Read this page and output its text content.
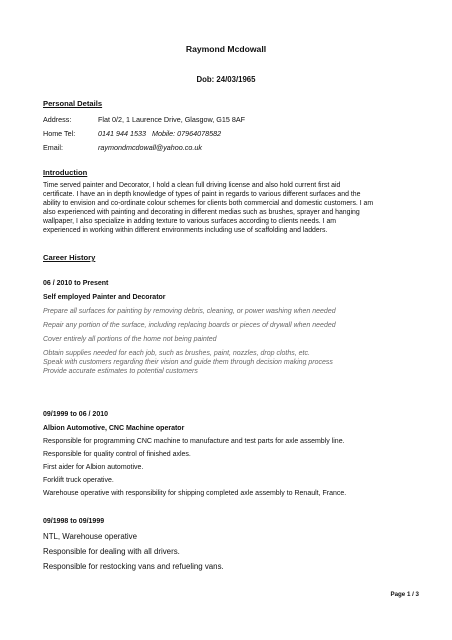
Raymond Mcdowall
Dob: 24/03/1965
Personal Details
Address:	Flat 0/2, 1 Laurence Drive, Glasgow, G15 8AF
Home Tel:	0141 944 1533 Mobile: 07964078582
Email:	raymondmcdowall@yahoo.co.uk
Introduction
Time served painter and Decorator, I hold a clean full driving license and also hold current first aid
certificate. I have an in depth knowledge of types of paint in regards to various different surfaces and the
ability to envision and co-ordinate colour schemes for clients both commercial and domestic customers. I am
also experienced with painting and decorating in different medias such as brushes, sprayer and hanging
wallpaper, I also specialize in adding texture to various surfaces according to clients needs. I am
experienced in working within different environments including use of scaffolding and ladders.
Career History
06 / 2010 to Present
Self employed Painter and Decorator
Prepare all surfaces for painting by removing debris, cleaning, or power washing when needed
Repair any portion of the surface, including replacing boards or pieces of drywall when needed
Cover entirely all portions of the home not being painted
Obtain supplies needed for each job, such as brushes, paint, nozzles, drop cloths, etc.
Speak with customers regarding their vision and guide them through decision making process
Provide accurate estimates to potential customers
09/1999 to 06 / 2010
Albion Automotive, CNC Machine operator
Responsible for programming CNC machine to manufacture and test parts for axle assembly line.
Responsible for quality control of finished axles.
First aider for Albion automotive.
Forklift truck operative.
Warehouse operative with responsibility for shipping completed axle assembly to Renault, France.
09/1998 to 09/1999
NTL, Warehouse operative
Responsible for dealing with all drivers.
Responsible for restocking vans and refueling vans.
Page 1 / 3
